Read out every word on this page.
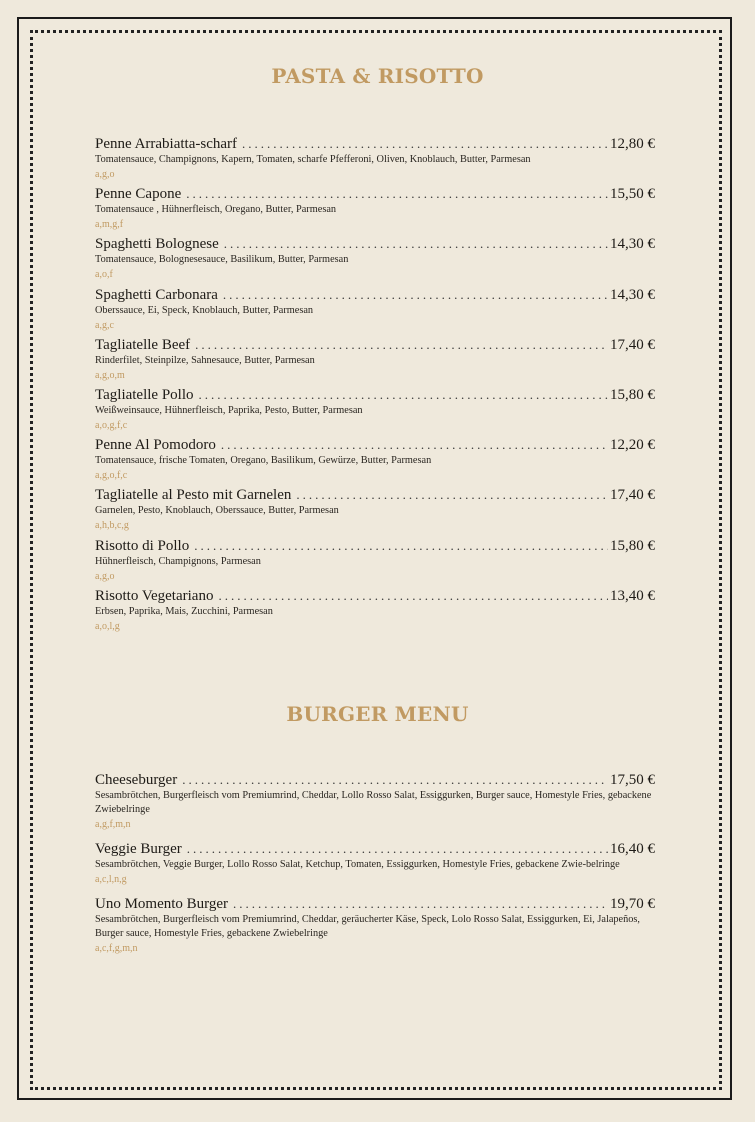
PASTA & RISOTTO
Penne Arrabiatta-scharf .....	12,80 €
Tomatensauce, Champignons, Kapern, Tomaten, scharfe Pfefferoni, Oliven, Knoblauch, Butter, Parmesan
a,g,o
Penne Capone .....	15,50 €
Tomatensauce , Hühnerfleisch, Oregano, Butter, Parmesan
a,m,g,f
Spaghetti Bolognese .....	14,30 €
Tomatensauce, Bolognesesauce, Basilikum, Butter, Parmesan
a,o,f
Spaghetti Carbonara .....	14,30 €
Oberssauce, Ei, Speck, Knoblauch, Butter, Parmesan
a,g,c
Tagliatelle Beef .....	17,40 €
Rinderfilet, Steinpilze, Sahnesauce, Butter, Parmesan
a,g,o,m
Tagliatelle Pollo .....	15,80 €
Weißweinsauce, Hühnerfleisch, Paprika, Pesto, Butter, Parmesan
a,o,g,f,c
Penne Al Pomodoro .....	12,20 €
Tomatensauce, frische Tomaten, Oregano, Basilikum, Gewürze, Butter, Parmesan
a,g,o,f,c
Tagliatelle al Pesto mit Garnelen .....	17,40 €
Garnelen, Pesto, Knoblauch, Oberssauce, Butter, Parmesan
a,h,b,c,g
Risotto di Pollo .....	15,80 €
Hühnerfleisch, Champignons, Parmesan
a,g,o
Risotto Vegetariano .....	13,40 €
Erbsen, Paprika, Mais, Zucchini, Parmesan
a,o,l,g
BURGER MENU
Cheeseburger .....	17,50 €
Sesambrötchen, Burgerfleisch vom Premiumrind, Cheddar, Lollo Rosso Salat, Essiggurken, Burger sauce, Homestyle Fries, gebackene Zwiebelringe
a,g,f,m,n
Veggie Burger .....	16,40 €
Sesambrötchen, Veggie Burger, Lollo Rosso Salat, Ketchup, Tomaten, Essiggurken, Homestyle Fries, gebackene Zwie-belringe
a,c,l,n,g
Uno Momento Burger .....	19,70 €
Sesambrötchen, Burgerfleisch vom Premiumrind, Cheddar, geräucherter Käse, Speck, Lolo Rosso Salat, Essiggurken, Ei, Jalapeños, Burger sauce, Homestyle Fries, gebackene Zwiebelringe
a,c,f,g,m,n
